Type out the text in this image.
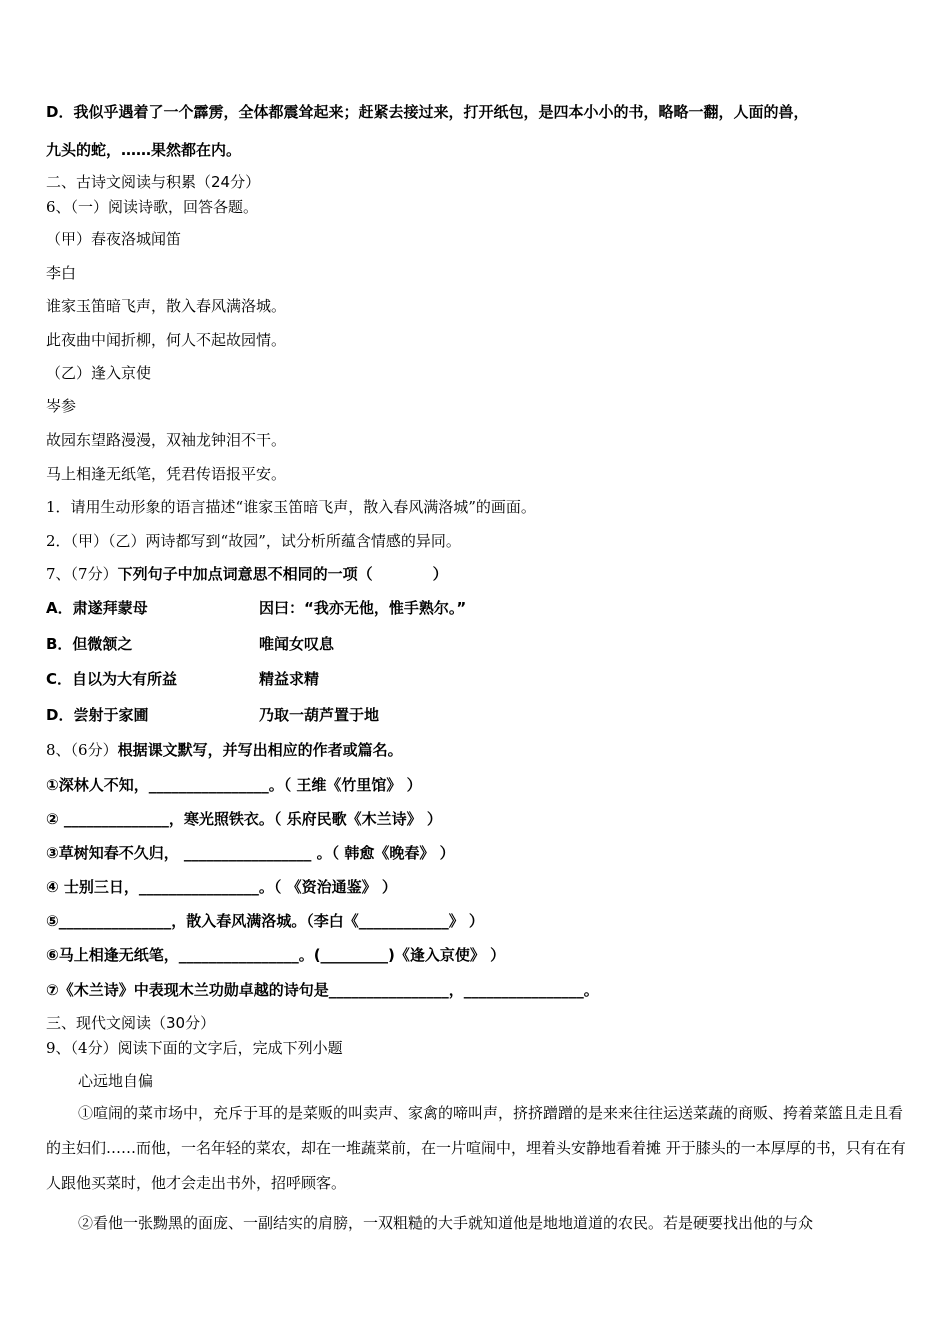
D．我似乎遇着了一个霹雳，全体都震耸起来；赶紧去接过来，打开纸包，是四本小小的书，略略一翻，人面的兽，
九头的蛇，……果然都在内。
二、古诗文阅读与积累（24分）
6、（一）阅读诗歌，回答各题。
（甲）春夜洛城闻笛
李白
谁家玉笛暗飞声，散入春风满洛城。
此夜曲中闻折柳，何人不起故园情。
（乙）逢入京使
岑参
故园东望路漫漫，双袖龙钟泪不干。
马上相逢无纸笔，凭君传语报平安。
1．请用生动形象的语言描述“谁家玉笛暗飞声，散入春风满洛城”的画面。
2．（甲）（乙）两诗都写到“故园”，试分析所蕴含情感的异同。
7、（7分）下列句子中加点词意思不相同的一项（　　　　）
A．肃遂拜蒙母	因曰：“我亦无他，惟手熟尔。”
B．但微颔之	唯闻女叹息
C．自以为大有所益	精益求精
D．尝射于家圃	乃取一葫芦置于地
8、（6分）根据课文默写，并写出相应的作者或篇名。
①深林人不知，________________。（ 王维《竹里馆》 ）
② ______________，寒光照铁衣。（ 乐府民歌《木兰诗》 ）
③草树知春不久归， _________________ 。（ 韩愈《晚春》 ）
④ 士别三日，________________。（ 《资治通鉴》 ）
⑤_______________，散入春风满洛城。（李白《____________》 ）
⑥马上相逢无纸笔，________________。(_________)《逢入京使》 ）
⑦《木兰诗》中表现木兰功勋卓越的诗句是________________，________________。
三、现代文阅读（30分）
9、（4分）阅读下面的文字后，完成下列小题
心远地自偏
①喧闹的菜市场中，充斥于耳的是菜贩的叫卖声、家禽的啼叫声，挤挤蹭蹭的是来来往往运送菜蔬的商贩、挎着菜篮且走且看的主妇们……而他，一名年轻的菜农，却在一堆蔬菜前，在一片喧闹中，埋着头安静地看着摊 开于膝头的一本厚厚的书，只有在有人跟他买菜时，他才会走出书外，招呼顾客。
②看他一张黝黑的面庞、一副结实的肩膀，一双粗糙的大手就知道他是地地道道的农民。若是硬要找出他的与众
